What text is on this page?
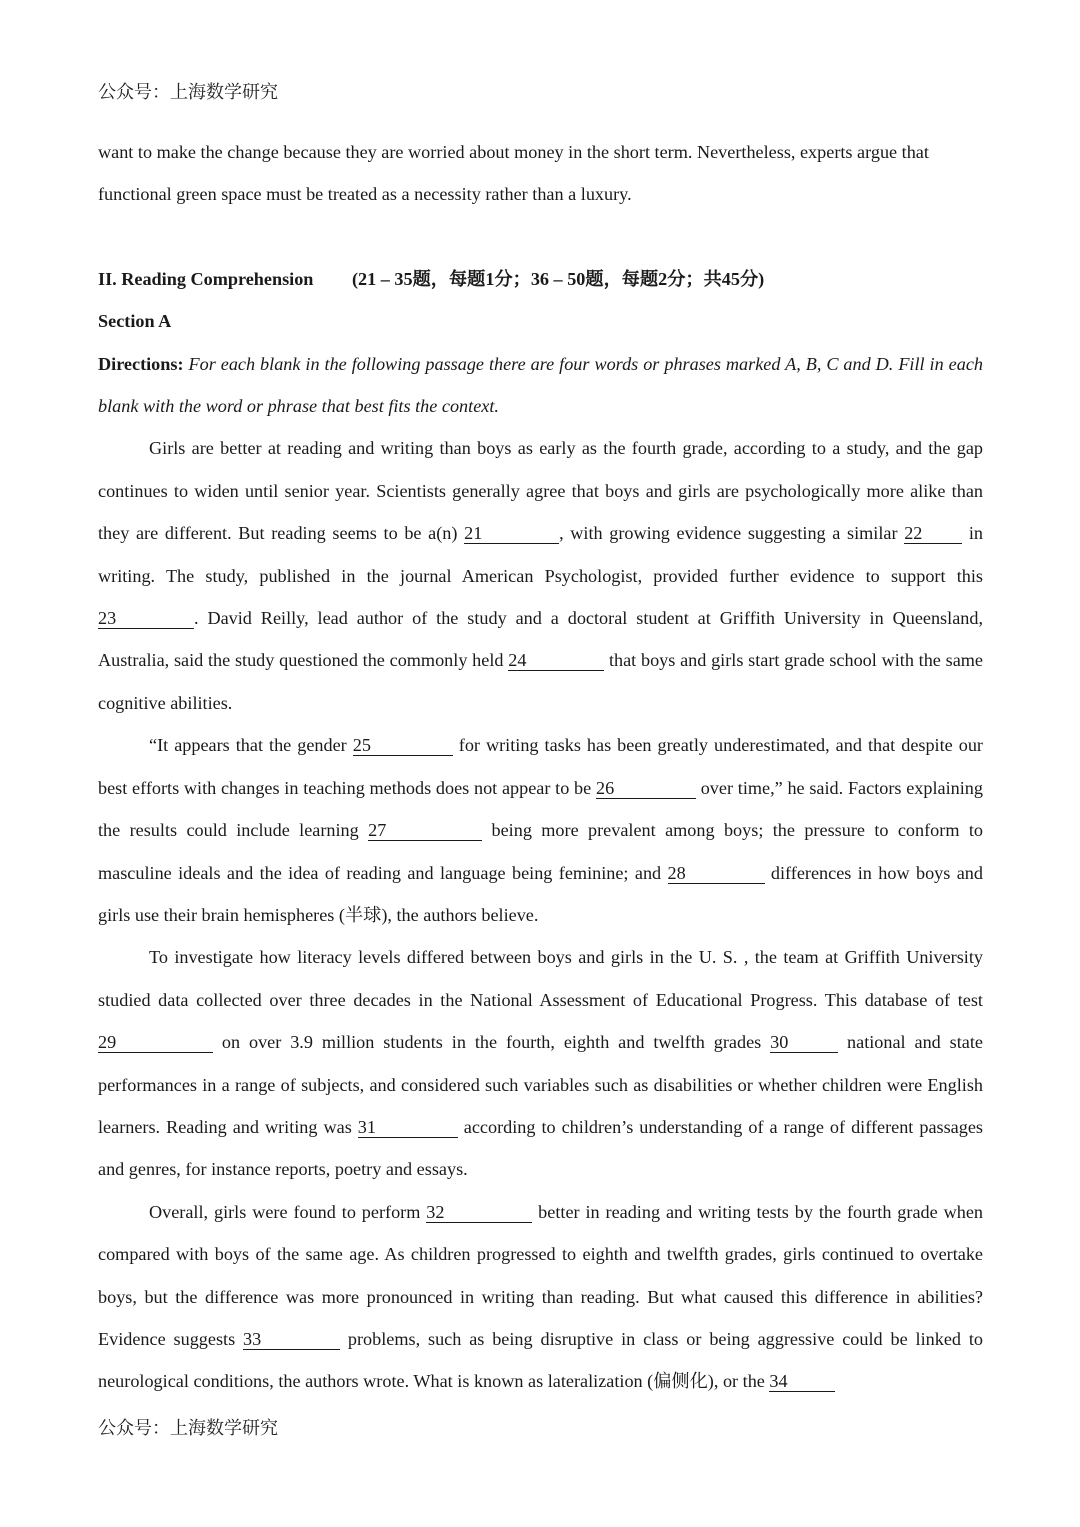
公众号：上海数学研究

want to make the change because they are worried about money in the short term. Nevertheless, experts argue that

functional green space must be treated as a necessity rather than a luxury.

II. Reading Comprehension (21 – 35题，每题1分；36 – 50题，每题2分；共45分)

Section A

Directions: For each blank in the following passage there are four words or phrases marked A, B, C and D. Fill in each blank with the word or phrase that best fits the context.

Girls are better at reading and writing than boys as early as the fourth grade, according to a study, and the gap continues to widen until senior year. Scientists generally agree that boys and girls are psychologically more alike than they are different. But reading seems to be a(n) 21	, with growing evidence suggesting a similar 22 in writing. The study, published in the journal American Psychologist, provided further evidence to support this 23	. David Reilly, lead author of the study and a doctoral student at Griffith University in Queensland, Australia, said the study questioned the commonly held 24	that boys and girls start grade school with the same cognitive abilities.

“It appears that the gender 25	for writing tasks has been greatly underestimated, and that despite our best efforts with changes in teaching methods does not appear to be 26	over time,” he said. Factors explaining the results could include learning 27	being more prevalent among boys; the pressure to conform to masculine ideals and the idea of reading and language being feminine; and 28	differences in how boys and girls use their brain hemispheres (半球), the authors believe.

To investigate how literacy levels differed between boys and girls in the U. S. , the team at Griffith University studied data collected over three decades in the National Assessment of Educational Progress. This database of test 29	on over 3.9 million students in the fourth, eighth and twelfth grades 30	national and state performances in a range of subjects, and considered such variables such as disabilities or whether children were English learners. Reading and writing was 31	according to children’s understanding of a range of different passages and genres, for instance reports, poetry and essays.

Overall, girls were found to perform 32	better in reading and writing tests by the fourth grade when compared with boys of the same age. As children progressed to eighth and twelfth grades, girls continued to overtake boys, but the difference was more pronounced in writing than reading. But what caused this difference in abilities? Evidence suggests 33	problems, such as being disruptive in class or being aggressive could be linked to neurological conditions, the authors wrote. What is known as lateralization (偏侧化), or the 34

公众号：上海数学研究
